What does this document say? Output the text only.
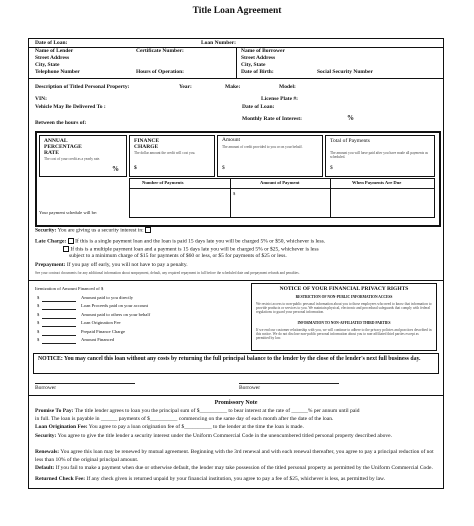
Title Loan Agreement
Date of Loan:	Loan Number:
Name of Lender	Certificate Number:
Street Address
City, State
Telephone Number	Hours of Operation:
Name of Borrower
Street Address
City, State
Date of Birth:	Social Security Number
Description of Titled Personal Property:	Year:	Make:	Model:
VIN:	License Plate #:
Vehicle May Be Delivered To :	Date of Loan:
Between the hours of:
Monthly Rate of Interest:	%
ANNUAL PERCENTAGE RATE
The cost of your credit as a yearly rate.
%
FINANCE CHARGE
The dollar amount the credit will cost you.
$
Amount
The amount of credit provided to you or on your behalf.
$
Total of Payments
The amount you will have paid after you have made all payments as scheduled.
$
Number of Payments	Amount of Payment	When Payments Are Due
$
Your payment schedule will be:
Security: You are giving us a security interest in:
Late Charge: If this is a single payment loan and the loan is paid 15 days late you will be charged 5% or $50, whichever is less.
If this is a multiple payment loan and a payment is 15 days late you will be charged 5% or $25, whichever is less
subject to a minimum charge of $15 for payments of $60 or less, or $5 for payments of $25 or less.
Prepayment: If you pay off early, you will not have to pay a penalty.
See your contract documents for any additional information about nonpayment, default, any required repayment in full before the scheduled date and prepayment refunds and penalties.
Itemization of Amount Financed of $
$	Amount paid to you directly
$	Loan Proceeds paid on your account
$	Amount paid to others on your behalf
$	Loan Origination Fee
$	Prepaid Finance Charge
$	Amount Financed
NOTICE OF YOUR FINANCIAL PRIVACY RIGHTS
RESTRICTION OF NON-PUBLIC INFORMATION ACCESS
We restrict access to non-public personal information about you to those employees who need to know that information to provide products or services to you. We maintain physical, electronic and procedural safeguards that comply with federal regulations to guard your personal information.
INFORMATION TO NON-AFFILIATED THIRD PARTIES
If we end our customer relationship with you, we will continue to adhere to the privacy policies and practices described in this notice. We do not disclose non-public personal information about you to non-affiliated third parties except as permitted by law.
NOTICE: You may cancel this loan without any costs by returning the full principal balance to the lender by the close of the lender's next full business day.
Borrower	Borrower
Promissory Note
Promise To Pay: The title lender agrees to loan you the principal sum of $__________ to bear interest at the rate of ______% per annum until paid
in full. The loan is payable in ______ payments of $__________ commencing on the same day of each month after the date of the loan.
Loan Origination Fee: You agree to pay a loan origination fee of $__________ to the lender at the time the loan is made.
Security: You agree to give the title lender a security interest under the Uniform Commercial Code in the unencumbered titled personal property described above.
Renewals: You agree this loan may be renewed by mutual agreement. Beginning with the 3rd renewal and with each renewal thereafter, you agree to pay a principal reduction of not less than 10% of the original principal amount.
Default: If you fail to make a payment when due or otherwise default, the lender may take possession of the titled personal property as permitted by the Uniform Commercial Code.
Returned Check Fee: If any check given is returned unpaid by your financial institution, you agree to pay a fee of $25, whichever is less, as permitted by law.
